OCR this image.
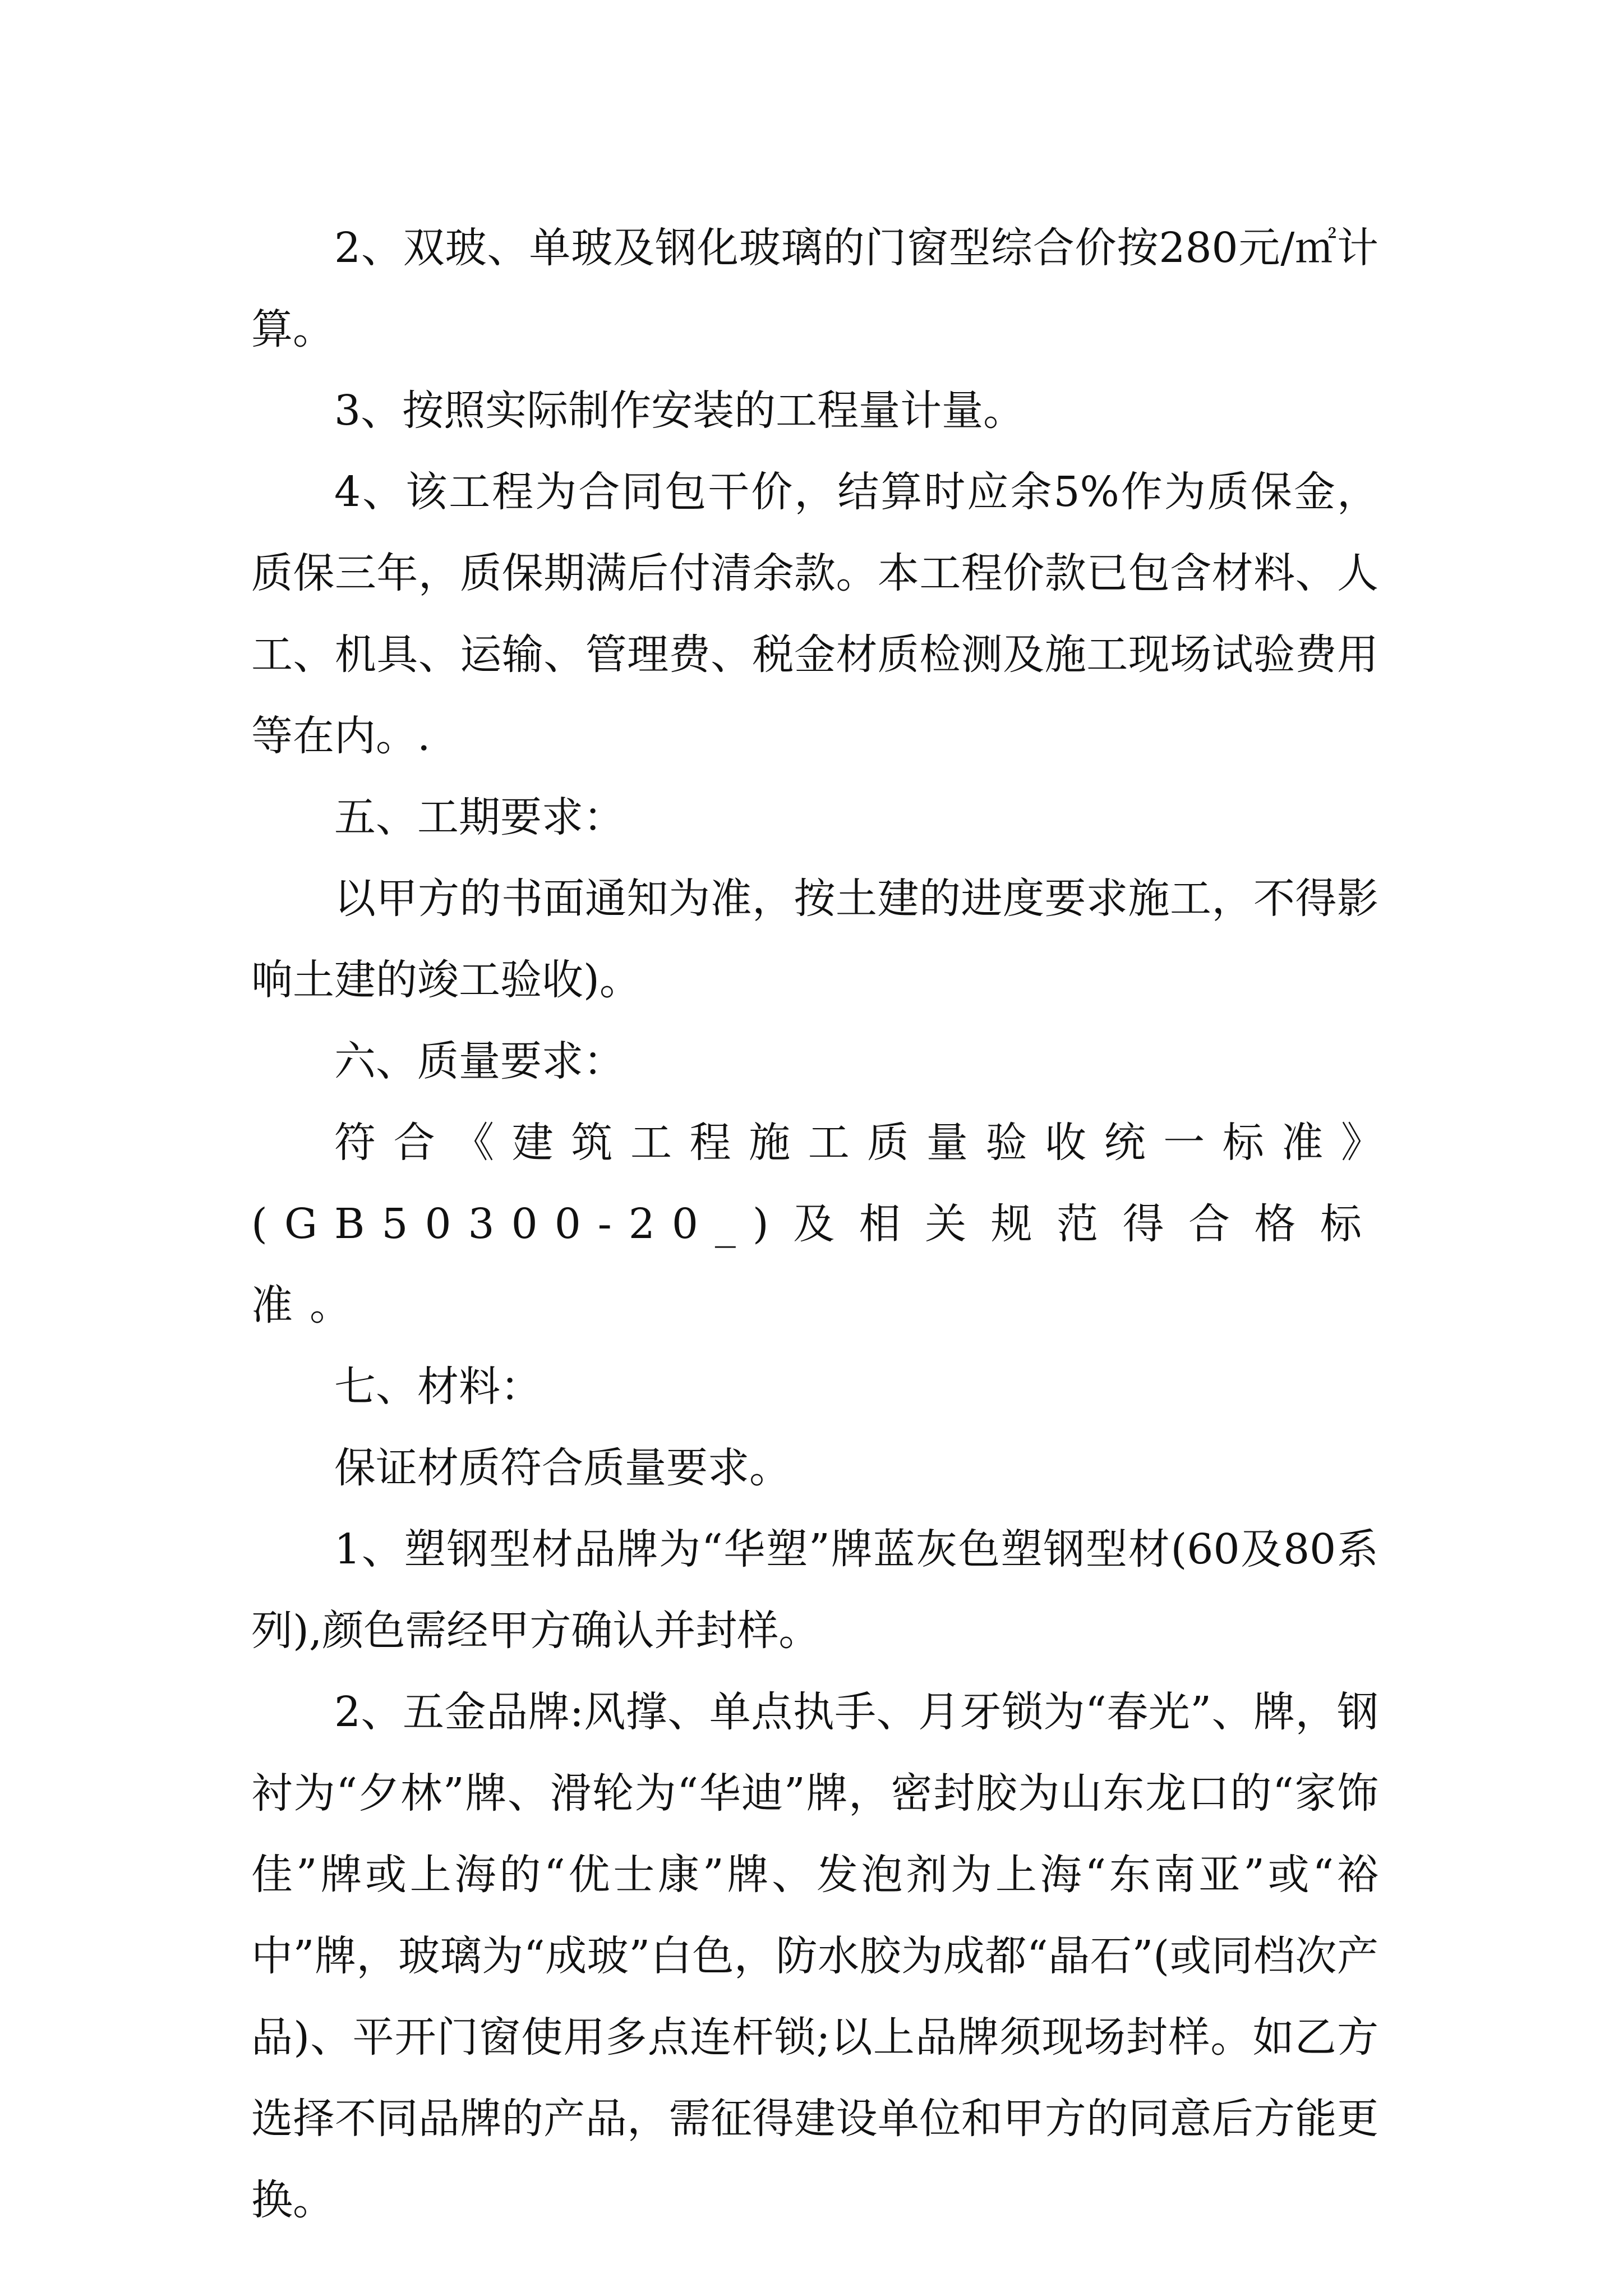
2、双玻、单玻及钢化玻璃的门窗型综合价按280元/㎡计算。

3、按照实际制作安装的工程量计量。

4、该工程为合同包干价，结算时应余5%作为质保金，质保三年，质保期满后付清余款。本工程价款已包含材料、人工、机具、运输、管理费、税金材质检测及施工现场试验费用等在内。.

五、工期要求：

以甲方的书面通知为准，按土建的进度要求施工，不得影响土建的竣工验收)。

六、质量要求：

符合《建筑工程施工质量验收统一标准》(GB50300-20_)及相关规范得合格标准。

七、材料：

保证材质符合质量要求。

1、塑钢型材品牌为“华塑”牌蓝灰色塑钢型材(60及80系列),颜色需经甲方确认并封样。

2、五金品牌:风撑、单点执手、月牙锁为“春光”、牌，钢衬为“夕林”牌、滑轮为“华迪”牌，密封胶为山东龙口的“家饰佳”牌或上海的“优士康”牌、发泡剂为上海“东南亚”或“裕中”牌，玻璃为“成玻”白色，防水胶为成都“晶石”(或同档次产品)、平开门窗使用多点连杆锁;以上品牌须现场封样。如乙方选择不同品牌的产品，需征得建设单位和甲方的同意后方能更换。
